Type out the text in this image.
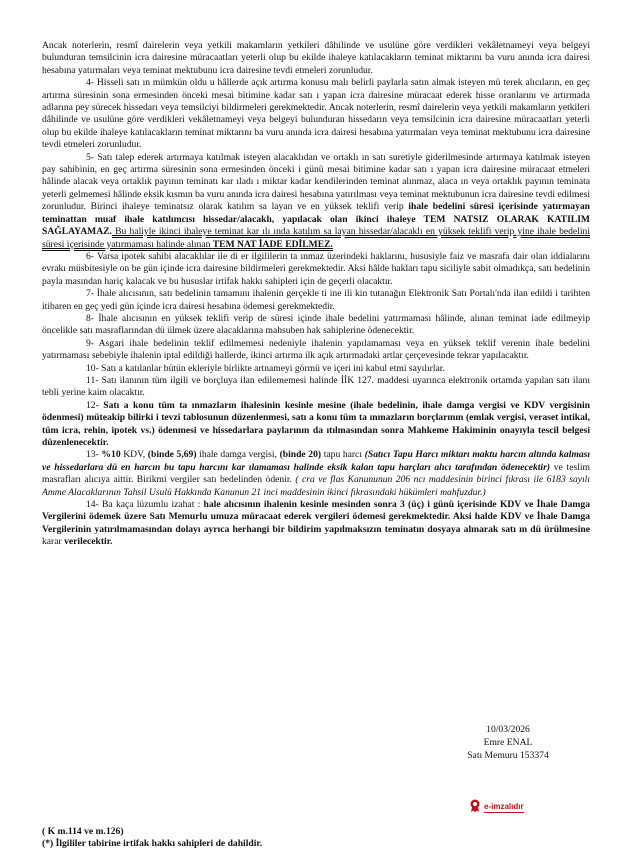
Ancak noterlerin, resmî dairelerin veya yetkili makamların yetkileri dâhilinde ve usulüne göre verdikleri vekâletnameyi veya belgeyi bulunduran temsilcinin icra dairesine müracaatları yeterli olup bu ekilde ihaleye katılacakların teminat miktarını ba vuru anında icra dairesi hesabına yatırmaları veya teminat mektubunu icra dairesine tevdi etmeleri zorunludur.

4- Hisseli satı ın mümkün oldu u hâllerde açık artırma konusu malı belirli paylarla satın almak isteyen mü terek alıcıların, en geç artırma süresinin sona ermesinden önceki mesai bitimine kadar satı ı yapan icra dairesine müracaat ederek hisse oranlarını ve artırmada adlarına pey sürecek hissedarı veya temsilciyi bildirmeleri gerekmektedir. Ancak noterlerin, resmî dairelerin veya yetkili makamların yetkileri dâhilinde ve usulüne göre verdikleri vekâletnameyi veya belgeyi bulunduran hissedarın veya temsilcinin icra dairesine müracaatları yeterli olup bu ekilde ihaleye katılacakların teminat miktarını ba vuru anında icra dairesi hesabına yatırmaları veya teminat mektubunu icra dairesine tevdi etmeleri zorunludur.

5- Satı talep ederek artırmaya katılmak isteyen alacaklıdan ve ortaklı ın satı suretiyle giderilmesinde artırmaya katılmak isteyen pay sahibinin, en geç artırma süresinin sona ermesinden önceki i günü mesai bitimine kadar satı ı yapan icra dairesine müracaat etmeleri hâlinde alacak veya ortaklık payının teminatı kar ıladı ı miktar kadar kendilerinden teminat alınmaz, alaca ın veya ortaklık payının teminata yeterli gelmemesi hâlinde eksik kısmın ba vuru anında icra dairesi hesabına yatırılması veya teminat mektubunun icra dairesine tevdi edilmesi zorunludur. Birinci ihaleye teminatsız olarak katılım sa layan ve en yüksek teklifi verip ihale bedelini süresi içerisinde yatırmayan teminattan muaf ihale katılımcısı hissedar/alacaklı, yapılacak olan ikinci ihaleye TEM NATSIZ OLARAK KATILIM SAĞLAYAMAZ. Bu haliyle ikinci ihaleye teminat kar ılı ında katılım sa layan hissedar/alacaklı en yüksek teklifi verip yine ihale bedelini süresi içerisinde yatırmaması halinde alınan TEM NAT İADE EDİLMEZ.

6- Varsa ipotek sahibi alacaklılar ile di er ilgililerin ta ınmaz üzerindeki haklarını, hususiyle faiz ve masrafa dair olan iddialarını evrakı müsbitesiyle on be gün içinde icra dairesine bildirmeleri gerekmektedir. Aksi hâlde hakları tapu siciliyle sabit olmadıkça, satı bedelinin payla masından hariç kalacak ve bu hususlar irtifak hakkı sahipleri için de geçerli olacaktır.

7- İhale alıcısının, satı bedelinin tamamını ihalenin gerçekle ti ine ili kin tutanağın Elektronik Satı Portalı'nda ilan edildi i tarihten itibaren en geç yedi gün içinde icra dairesi hesabına ödemesi gerekmektedir.

8- İhale alıcısının en yüksek teklifi verip de süresi içinde ihale bedelini yatırmaması hâlinde, alınan teminat iade edilmeyip öncelikle satı masraflarından dü ülmek üzere alacaklarına mahsuben hak sahiplerine ödenecektir.

9- Asgari ihale bedelinin teklif edilmemesi nedeniyle ihalenin yapılamaması veya en yüksek teklif verenin ihale bedelini yatırmaması sebebiyle ihalenin iptal edildiği hallerde, ikinci artırma ilk açık artırmadaki artlar çerçevesinde tekrar yapılacaktır.

10- Satı a katılanlar bütün ekleriyle birlikte artnameyi görmü ve içeri ini kabul etmi sayılırlar.

11- Satı ilanının tüm ilgili ve borçluya ilan edilememesi halinde İİK 127. maddesi uyarınca elektronik ortamda yapılan satı ilanı tebli yerine kaim olacaktır.

12- Satı a konu tüm ta ınmazların ihalesinin kesinle mesine (ihale bedelinin, ihale damga vergisi ve KDV vergisinin ödenmesi) müteakip bilirki i tevzi tablosunun düzenlenmesi, satı a konu tüm ta ınmazların borçlarının (emlak vergisi, veraset intikal, tüm icra, rehin, ipotek vs.) ödenmesi ve hissedarlara paylarının da ıtılmasından sonra Mahkeme Hakiminin onayıyla tescil belgesi düzenlenecektir.

13- %10 KDV, (binde 5,69) ihale damga vergisi, (binde 20) tapu harcı (Satıcı Tapu Harcı miktarı maktu harcın altında kalması ve hissedarlara dü en harcın bu tapu harcını kar ılamaması halinde eksik kalan tapu harçları alıcı tarafından ödenecektir) ve teslim masrafları alıcıya aittir. Birikmi vergiler satı bedelinden ödenir. ( cra ve flas Kanununun 206 ncı maddesinin birinci fıkrası ile 6183 sayılı Amme Alacaklarının Tahsil Usulü Hakkında Kanunun 21 inci maddesinin ikinci fıkrasındaki hükümleri mahfuzdur.)

14- Ba kaça lüzumlu izahat : hale alıcısının ihalenin kesinle mesinden sonra 3 (üç) i günü içerisinde KDV ve İhale Damga Vergilerini ödemek üzere Satı Memurlu umuza müracaat ederek vergileri ödemesi gerekmektedir. Aksi halde KDV ve İhale Damga Vergilerinin yatırılmamasından dolayı ayrıca herhangi bir bildirim yapılmaksızın teminatın dosyaya alınarak satı ın dü ürülmesine karar verilecektir.

10/03/2026
Emre ENAL
Satı Memuru 153374
e-imzalıdır
( K m.114 ve m.126)
(*) İlgililer tabirine irtifak hakkı sahipleri de dahildir.
